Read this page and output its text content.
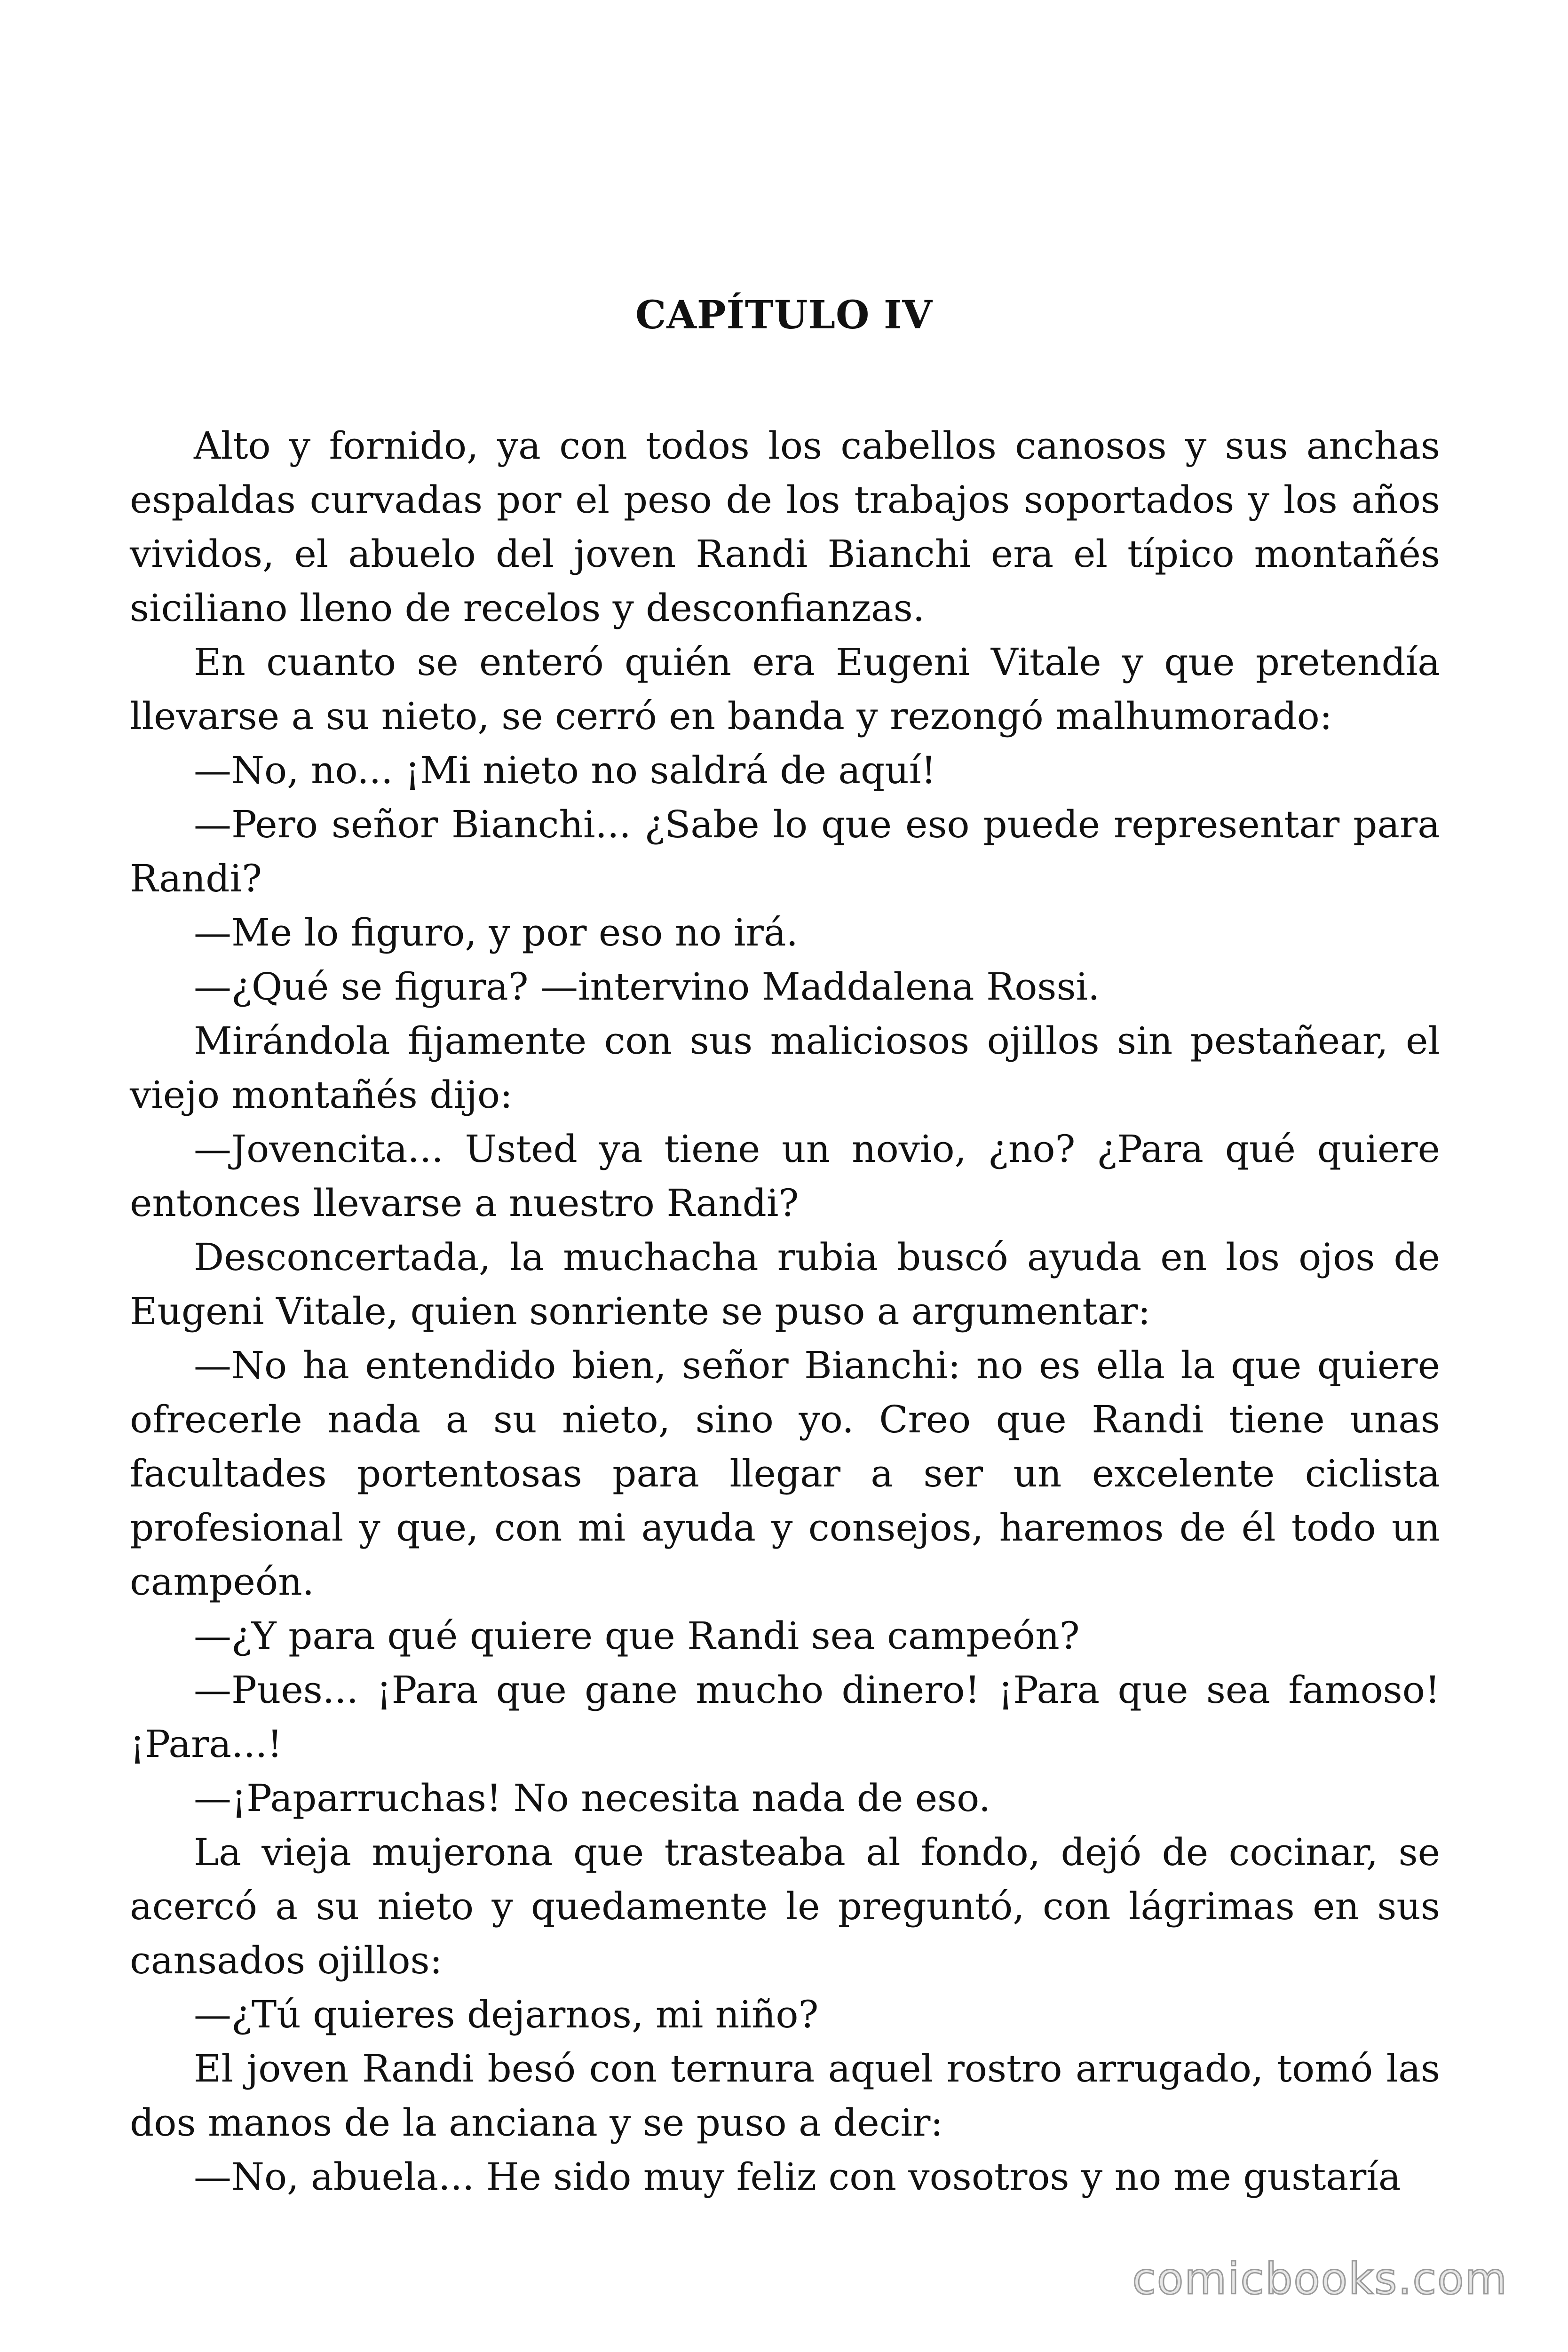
CAPÍTULO IV

Alto y fornido, ya con todos los cabellos canosos y sus anchas espaldas curvadas por el peso de los trabajos soportados y los años vividos, el abuelo del joven Randi Bianchi era el típico montañés siciliano lleno de recelos y desconfianzas.

En cuanto se enteró quién era Eugeni Vitale y que pretendía llevarse a su nieto, se cerró en banda y rezongó malhumorado:

—No, no... ¡Mi nieto no saldrá de aquí!

—Pero señor Bianchi... ¿Sabe lo que eso puede representar para Randi?

—Me lo figuro, y por eso no irá.

—¿Qué se figura? —intervino Maddalena Rossi.

Mirándola fijamente con sus maliciosos ojillos sin pestañear, el viejo montañés dijo:

—Jovencita... Usted ya tiene un novio, ¿no? ¿Para qué quiere entonces llevarse a nuestro Randi?

Desconcertada, la muchacha rubia buscó ayuda en los ojos de Eugeni Vitale, quien sonriente se puso a argumentar:

—No ha entendido bien, señor Bianchi: no es ella la que quiere ofrecerle nada a su nieto, sino yo. Creo que Randi tiene unas facultades portentosas para llegar a ser un excelente ciclista profesional y que, con mi ayuda y consejos, haremos de él todo un campeón.

—¿Y para qué quiere que Randi sea campeón?

—Pues... ¡Para que gane mucho dinero! ¡Para que sea famoso! ¡Para...!

—¡Paparruchas! No necesita nada de eso.

La vieja mujerona que trasteaba al fondo, dejó de cocinar, se acercó a su nieto y quedamente le preguntó, con lágrimas en sus cansados ojillos:

—¿Tú quieres dejarnos, mi niño?

El joven Randi besó con ternura aquel rostro arrugado, tomó las dos manos de la anciana y se puso a decir:

—No, abuela... He sido muy feliz con vosotros y no me gustaría

comicbooks.com
